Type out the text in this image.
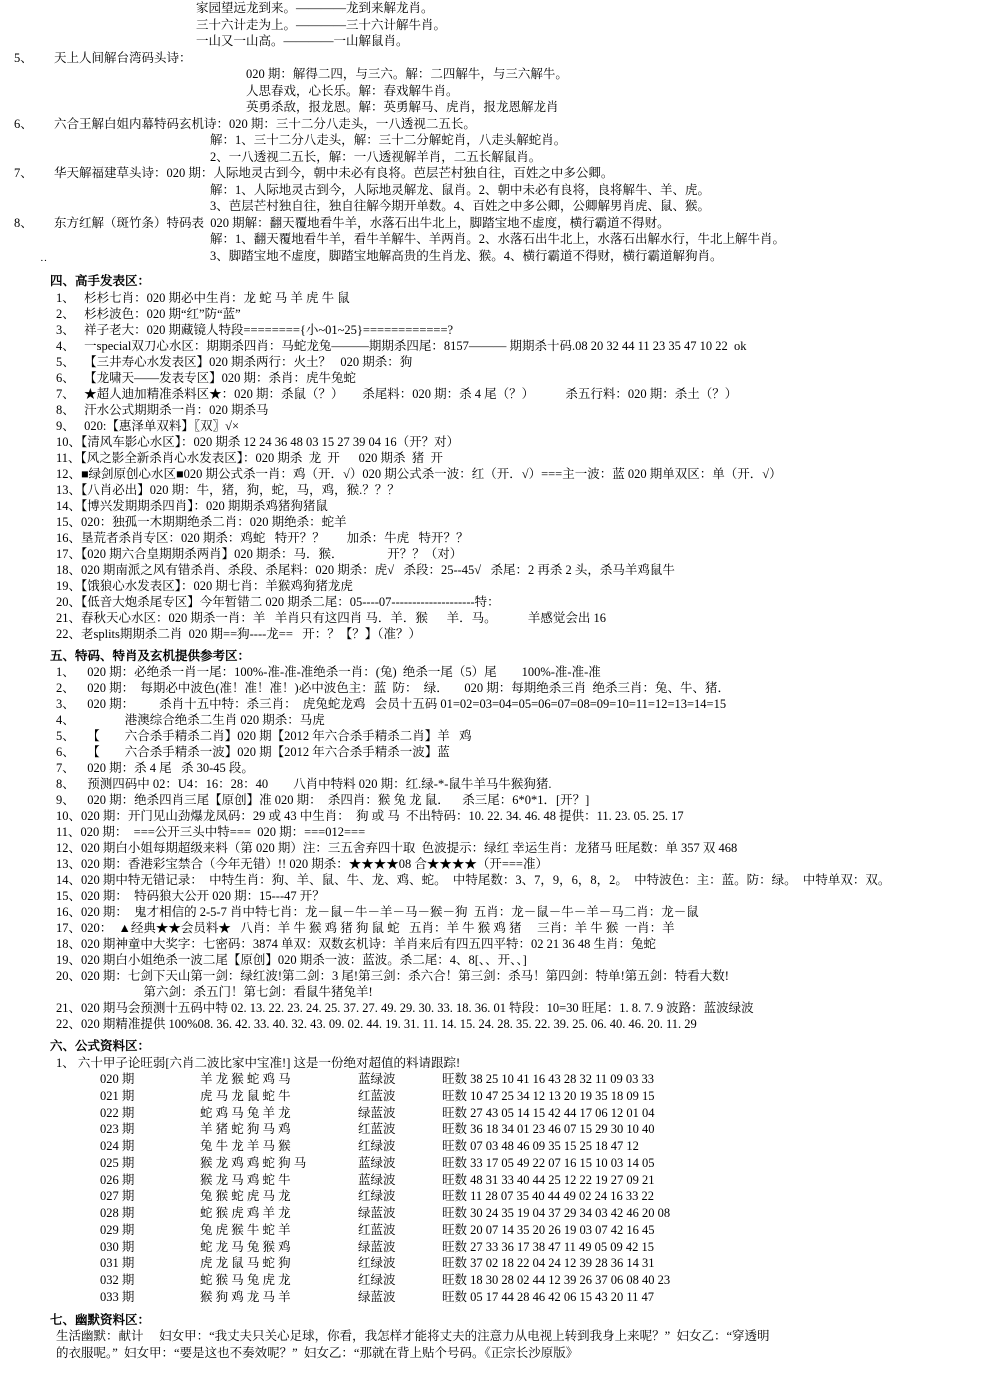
家园望远龙到来。————龙到来解龙肖。
三十六计走为上。————三十六计解牛肖。
一山又一山高。————一山解鼠肖。
5、 天上人间解台湾码头诗：
020 期：解得二四，与三六。解：二四解牛，与三六解牛。
人思春戏，心长乐。解：春戏解牛肖。
英勇杀敌，报龙恩。解：英勇解马、虎肖，报龙恩解龙肖
6、 六合王解白姐内幕特码玄机诗：020 期：三十二分八走头，一八透视二五长。
解：1、三十二分八走头，解：三十二分解蛇肖，八走头解蛇肖。
2、一八透视二五长，解：一八透视解羊肖，二五长解鼠肖。
7、 华天解福建草头诗：020 期：人际地灵古到今，朝中未必有良将。芭层芒村独自往，百姓之中多公卿。
解：1、人际地灵古到今，人际地灵解龙、鼠肖。2、朝中未必有良将，良将解牛、羊、虎。
3、芭层芒村独自往，独自往解今期开单数。4、百姓之中多公卿，公卿解男肖虎、鼠、猴。
8、 东方红解（斑竹条）特码表  020 期解：翻天覆地看牛羊，水落石出牛北上，脚踏宝地不虚度，横行霸道不得财。
解：1、翻天覆地看牛羊，看牛羊解牛、羊两肖。2、水落石出牛北上，水落石出解水行，牛北上解牛肖。
3、脚踏宝地不虚度，脚踏宝地解高贵的生肖龙、猴。4、横行霸道不得财，横行霸道解狗肖。
··
四、高手发表区：
1、   杉杉七肖：020 期必中生肖：龙 蛇 马 羊 虎 牛 鼠
2、   杉杉波色：020 期“红”防“蓝”
3、   祥子老大：020 期藏镜人特段========{小~01~25}============?
4、   一special双刀心水区：期期杀四肖：马蛇龙兔———期期杀四尾：8157——— 期期杀十码.08 20 32 44 11 23 35 47 10 22  ok
5、   【三井寿心水发表区】020 期杀两行：火土？   020 期杀：狗
6、   【龙啸天——发表专区】020 期：杀肖：虎牛兔蛇
7、   ★超人迪加精准杀料区★：020 期：杀鼠（？）      杀尾料：020 期：杀 4 尾（？）          杀五行料：020 期：杀土（？）
8、   汗水公式期期杀一肖：020 期杀马
9、   020:【惠泽单双料】〖双〗√×
10、【清风车影心水区】：020 期杀 12 24 36 48 03 15 27 39 04 16（开？对）
11、【风之影全新杀肖心水发表区】：020 期杀  龙  开      020 期杀  猪  开
12、■绿剑原创心水区■020 期公式杀一肖：鸡（开．√）020 期公式杀一波：红（开．√）===主一波：蓝 020 期单双区：单（开．√）
13、【八肖必出】020 期：牛，猪，狗，蛇，马，鸡，猴.？？？
14、【博兴发期期杀四肖】：020 期期杀鸡猪狗猪鼠
15、020：独孤一木期期绝杀二肖：020 期绝杀：蛇羊
16、垦荒者杀肖专区：020 期杀：鸡蛇   特开？？       加杀：牛虎   特开？？
17、【020 期六合皇期期杀两肖】020 期杀：马．猴．              开？？（对）
18、020 期南派之风有错杀肖、杀段、杀尾料：020 期杀：虎√   杀段：25--45√   杀尾：2 再杀 2 头，杀马羊鸡鼠牛
19、【饿狼心水发表区】：020 期七肖：羊猴鸡狗猪龙虎
20、【低音大炮杀尾专区】今年暂错二 020 期杀二尾：05----07--------------------特：
21、春秋天心水区：020 期杀一肖：羊   羊肖只有这四肖 马．羊．猴      羊．马。          羊感觉会出 16
22、老splits期期杀二肖  020 期==狗----龙==   开：？【？】（准？）
五、特码、特肖及玄机提供参考区：
1、    020 期：必绝杀一肖一尾：100%-准-准-准绝杀一肖：(兔)  绝杀一尾（5）尾        100%-准-准-准
2、    020 期：  每期必中波色(准！准！准！)必中波色主：蓝  防：  绿．     020 期：每期绝杀三肖  绝杀三肖：兔、牛、猪．
3、    020 期：        杀肖十五中特：杀三肖：  虎兔蛇龙鸡   会员十五码 01=02=03=04=05=06=07=08=09=10=11=12=13=14=15
4、                港澳综合绝杀二生肖 020 期杀：马虎
5、    【        六合杀手精杀二肖】020 期【2012 年六合杀手精杀二肖】羊   鸡
6、    【        六合杀手精杀一波】020 期【2012 年六合杀手精杀一波】蓝
7、    020 期：杀 4 尾   杀 30-45 段。
8、    预测四码中 02：U4：16：28：40        八肖中特料 020 期：红.绿-*-鼠牛羊马牛猴狗猪.
9、    020 期：绝杀四肖三尾【原创】准 020 期：  杀四肖：猴 兔 龙 鼠．    杀三尾：6*0*1．[开？]
10、020 期：开门见山劲爆龙凤码：29 或 43 中生肖：  狗 或 马  不出特码：10. 22. 34. 46. 48 提供：11. 23. 05. 25. 17
11、020 期：  ===公开三头中特===  020 期：===012===
12、020 期白小姐每期超级来料（第 020 期）注：三五舍弃四十取  色波提示：绿红 幸运生肖：龙猪马 旺尾数：单 357 双 468
13、020 期：香港彩宝禁合（今年无错）!! 020 期杀：★★★★08 合★★★★（开===准）
14、020 期中特无错记录：  中特生肖：狗、羊、鼠、牛、龙、鸡、蛇。  中特尾数：3、7，9，6，8，2。  中特波色：主：蓝。防：绿。  中特单双：双。
15、020 期：  特码狼大公开 020 期：15---47 开？
16、020 期：  鬼才相信的 2-5-7 肖中特七肖：龙－鼠－牛－羊－马－猴－狗  五肖：龙－鼠－牛－羊－马二肖：龙－鼠
17、020：  ▲经典★★会员料★   八肖：羊 牛 猴 鸡 猪 狗 鼠 蛇   五肖：羊 牛 猴 鸡 猪     三肖：羊 牛 猴  一肖：羊
18、020 期神童中大奖字：七密码：3874 单双：双数玄机诗：羊肖来后有四五四平特：02 21 36 48 生肖：兔蛇
19、020 期白小姐绝杀一波二尾【原创】020 期杀一波：蓝波。杀二尾：4、8[、、开、、]
20、020 期：七剑下天山第一剑：绿红波!第二剑：3 尾!第三剑：杀六合！第三剑：杀马！第四剑：特单!第五剑：特看大数!
第六剑：杀五门！第七剑：看鼠牛猪兔羊!
21、020 期马会预测十五码中特 02. 13. 22. 23. 24. 25. 37. 27. 49. 29. 30. 33. 18. 36. 01 特段：10=30 旺尾：1. 8. 7. 9 波路：蓝波绿波
22、020 期精准提供 100%08. 36. 42. 33. 40. 32. 43. 09. 02. 44. 19. 31. 11. 14. 15. 24. 28. 35. 22. 39. 25. 06. 40. 46. 20. 11. 29
六、公式资料区：
1、 六十甲子论旺弱[六肖二波比家中宝准!] 这是一份绝对超值的料请跟踪!
020 期	羊 龙 猴 蛇 鸡 马	蓝绿波	旺数 38 25 10 41 16 43 28 32 11 09 03 33
021 期	虎 马 龙 鼠 蛇 牛	红蓝波	旺数 10 47 25 34 12 13 20 19 35 18 09 15
022 期	蛇 鸡 马 兔 羊 龙	绿蓝波	旺数 27 43 05 14 15 42 44 17 06 12 01 04
023 期	羊 猪 蛇 狗 马 鸡	红蓝波	旺数 36 18 34 01 23 46 07 15 29 30 10 40
024 期	兔 牛 龙 羊 马 猴	红绿波	旺数 07 03 48 46 09 35 15 25 18 47 12
025 期	猴 龙 鸡 鸡 蛇 狗 马	蓝绿波	旺数 33 17 05 49 22 07 16 15 10 03 14 05
026 期	猴 龙 马 鸡 蛇 牛	蓝绿波	旺数 48 31 33 40 44 25 12 22 19 27 09 21
027 期	兔 猴 蛇 虎 马 龙	红绿波	旺数 11 28 07 35 40 44 49 02 24 16 33 22
028 期	蛇 猴 虎 鸡 羊 龙	绿蓝波	旺数 30 24 35 19 04 37 29 34 03 42 46 20 08
029 期	兔 虎 猴 牛 蛇 羊	红蓝波	旺数 20 07 14 35 20 26 19 03 07 42 16 45
030 期	蛇 龙 马 兔 猴 鸡	绿蓝波	旺数 27 33 36 17 38 47 11 49 05 09 42 15
031 期	虎 龙 鼠 马 蛇 狗	红绿波	旺数 37 02 18 22 04 24 12 39 28 36 14 31
032 期	蛇 猴 马 兔 虎 龙	红绿波	旺数 18 30 28 02 44 12 39 26 37 06 08 40 23
033 期	猴 狗 鸡 龙 马 羊	绿蓝波	旺数 05 17 44 28 46 42 06 15 43 20 11 47
七、幽默资料区：
生活幽默：献计     妇女甲：“我丈夫只关心足球，你看，我怎样才能将丈夫的注意力从电视上转到我身上来呢？”  妇女乙：“穿透明
的衣服呢。”  妇女甲：“要是这也不奏效呢？”  妇女乙：“那就在背上贴个号码。《正宗长沙原版》
